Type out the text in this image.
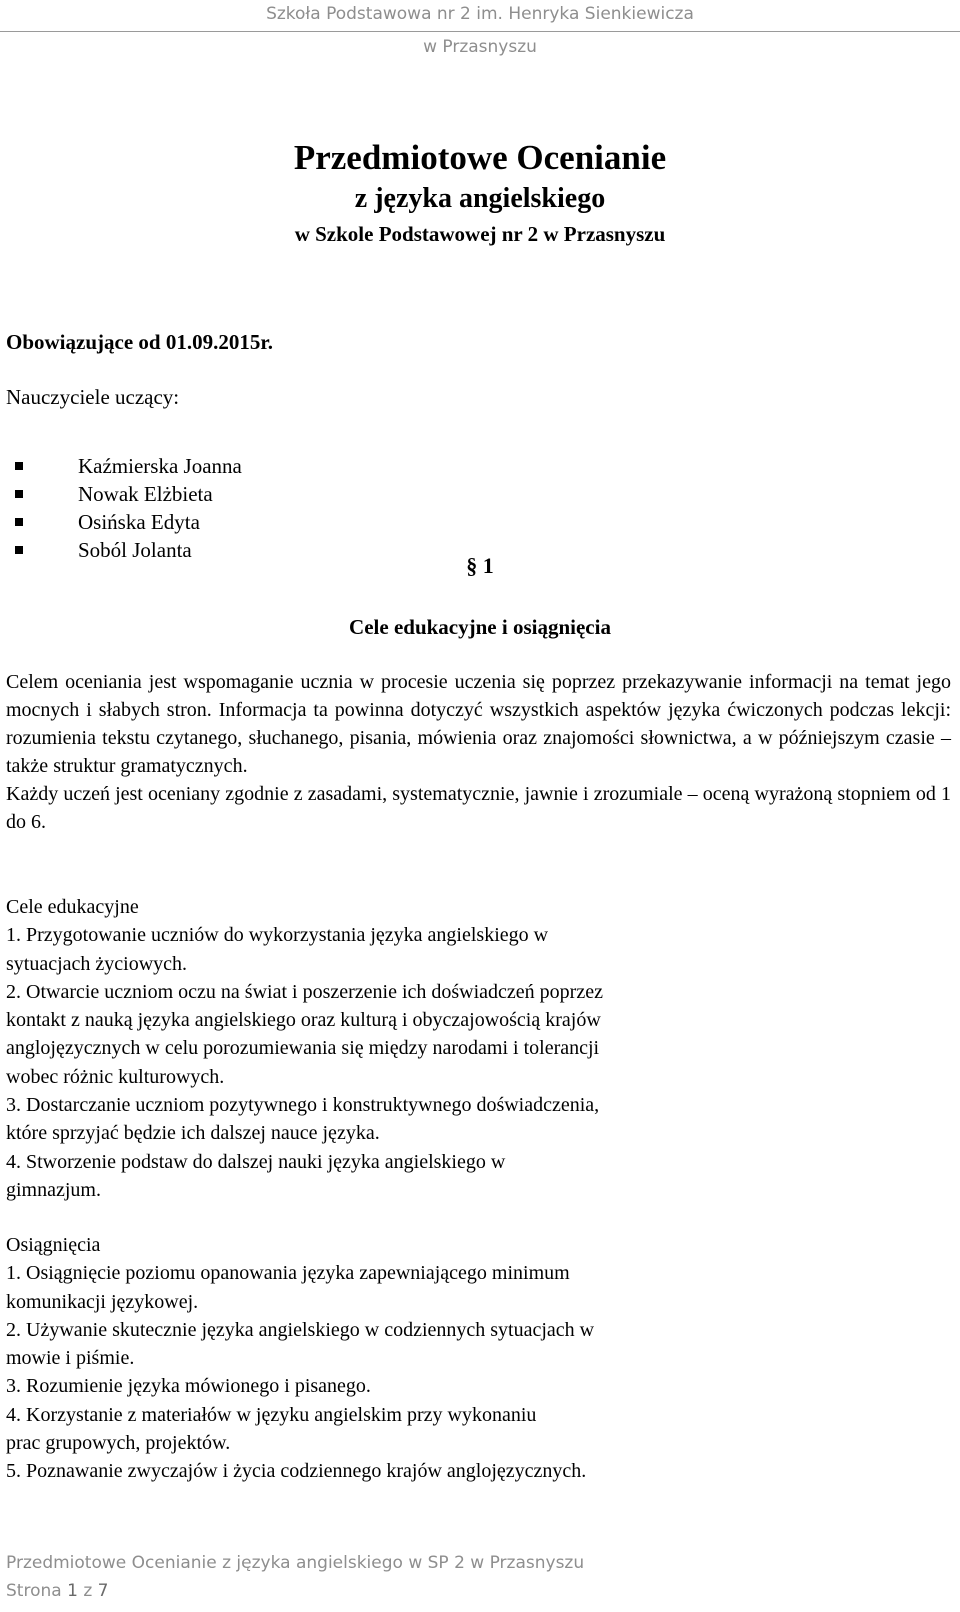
Szkoła Podstawowa nr 2 im. Henryka Sienkiewicza
w Przasnyszu
Przedmiotowe Ocenianie
z języka angielskiego
w Szkole Podstawowej nr 2 w Przasnyszu
Obowiązujące od 01.09.2015r.
Nauczyciele uczący:
Kaźmierska Joanna
Nowak Elżbieta
Osińska Edyta
Soból Jolanta
§ 1
Cele edukacyjne i osiągnięcia

Celem oceniania jest wspomaganie ucznia w procesie uczenia się poprzez przekazywanie informacji na temat jego mocnych i słabych stron. Informacja ta powinna dotyczyć wszystkich aspektów języka ćwiczonych podczas lekcji: rozumienia tekstu czytanego, słuchanego, pisania, mówienia oraz znajomości słownictwa, a w późniejszym czasie – także struktur gramatycznych.

Każdy uczeń jest oceniany zgodnie z zasadami, systematycznie, jawnie i zrozumiale – oceną wyrażoną stopniem od 1 do 6.

Cele edukacyjne
1. Przygotowanie uczniów do wykorzystania języka angielskiego w
sytuacjach życiowych.
2. Otwarcie uczniom oczu na świat i poszerzenie ich doświadczeń poprzez
kontakt z nauką języka angielskiego oraz kulturą i obyczajowością krajów
anglojęzycznych w celu porozumiewania się między narodami i tolerancji
wobec różnic kulturowych.
3. Dostarczanie uczniom pozytywnego i konstruktywnego doświadczenia,
które sprzyjać będzie ich dalszej nauce języka.
4. Stworzenie podstaw do dalszej nauki języka angielskiego w
gimnazjum.
Osiągnięcia
1. Osiągnięcie poziomu opanowania języka zapewniającego minimum
komunikacji językowej.
2. Używanie skutecznie języka angielskiego w codziennych sytuacjach w
mowie i piśmie.
3. Rozumienie języka mówionego i pisanego.
4. Korzystanie z materiałów w języku angielskim przy wykonaniu
prac grupowych, projektów.
5. Poznawanie zwyczajów i życia codziennego krajów anglojęzycznych.
Przedmiotowe Ocenianie z języka angielskiego w SP 2 w Przasnyszu
Strona 1 z 7
